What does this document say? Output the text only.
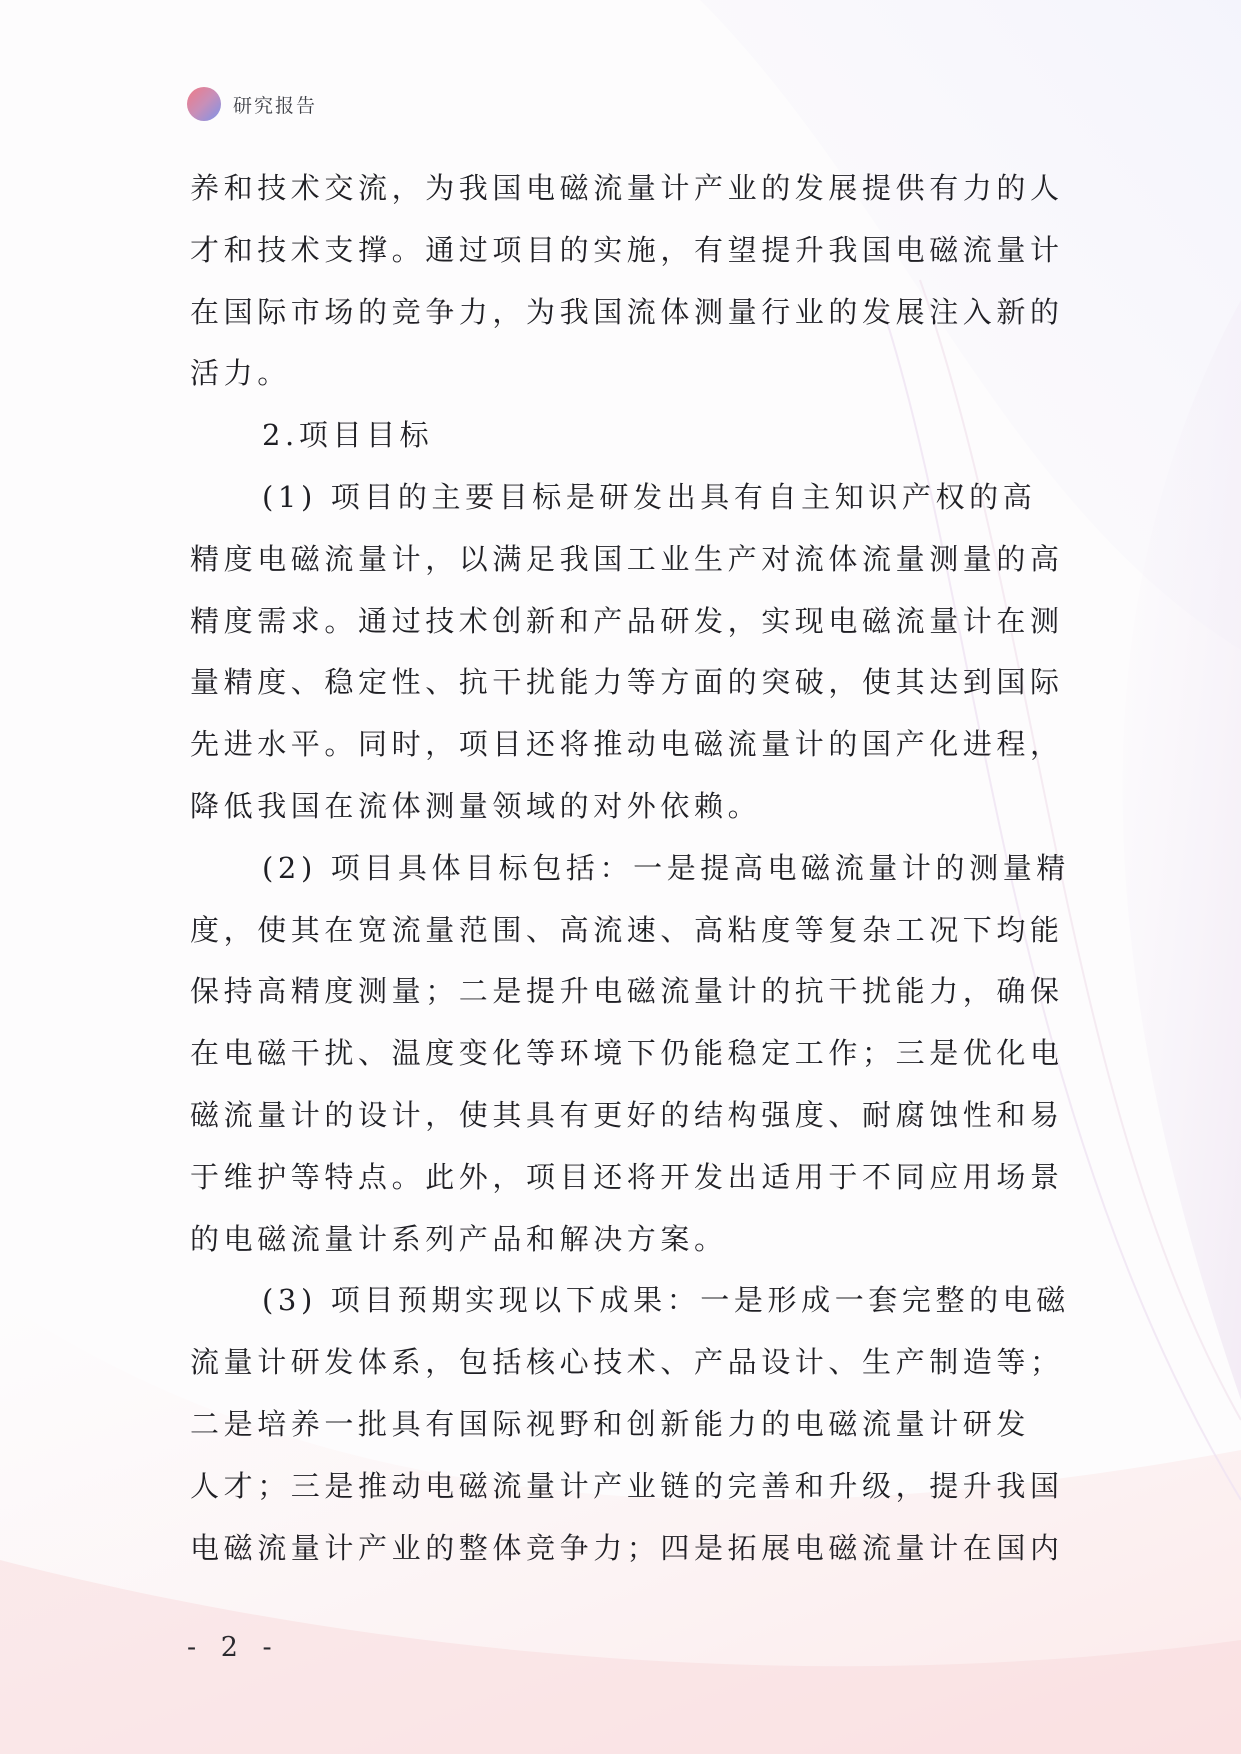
研究报告
养和技术交流，为我国电磁流量计产业的发展提供有力的人
才和技术支撑。通过项目的实施，有望提升我国电磁流量计
在国际市场的竞争力，为我国流体测量行业的发展注入新的
活力。
2.项目目标
(1) 项目的主要目标是研发出具有自主知识产权的高
精度电磁流量计，以满足我国工业生产对流体流量测量的高
精度需求。通过技术创新和产品研发，实现电磁流量计在测
量精度、稳定性、抗干扰能力等方面的突破，使其达到国际
先进水平。同时，项目还将推动电磁流量计的国产化进程，
降低我国在流体测量领域的对外依赖。
(2) 项目具体目标包括：一是提高电磁流量计的测量精
度，使其在宽流量范围、高流速、高粘度等复杂工况下均能
保持高精度测量；二是提升电磁流量计的抗干扰能力，确保
在电磁干扰、温度变化等环境下仍能稳定工作；三是优化电
磁流量计的设计，使其具有更好的结构强度、耐腐蚀性和易
于维护等特点。此外，项目还将开发出适用于不同应用场景
的电磁流量计系列产品和解决方案。
(3) 项目预期实现以下成果：一是形成一套完整的电磁
流量计研发体系，包括核心技术、产品设计、生产制造等；
二是培养一批具有国际视野和创新能力的电磁流量计研发
人才；三是推动电磁流量计产业链的完善和升级，提升我国
电磁流量计产业的整体竞争力；四是拓展电磁流量计在国内
- 2 -
